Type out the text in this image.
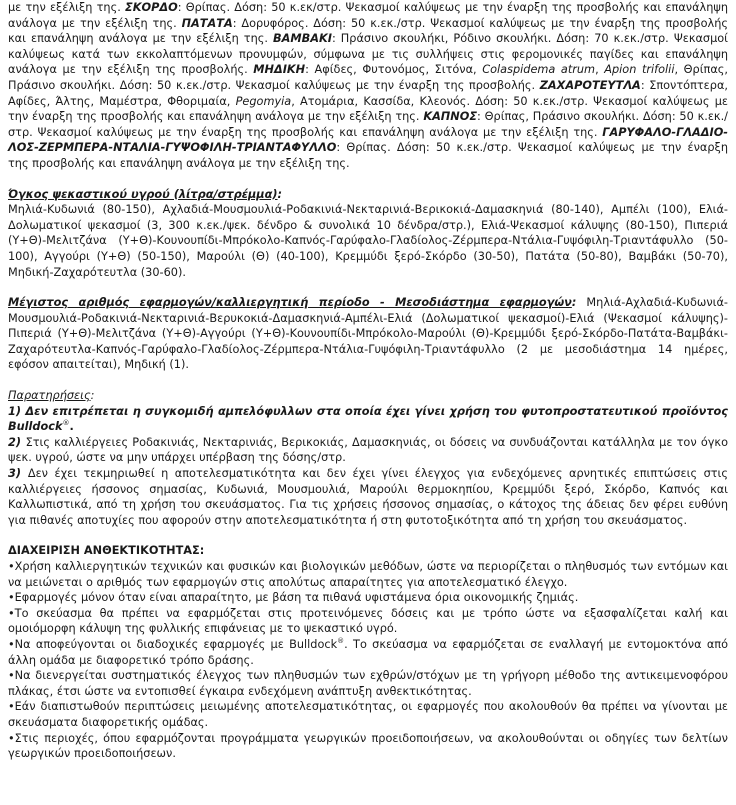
με την εξέλιξη της. ΣΚΟΡΔΟ: Θρίπας. Δόση: 50 κ.εκ/στρ. Ψεκασμοί καλύψεως με την έναρξη της προσβολής και επανάληψη ανάλογα με την εξέλιξη της. ΠΑΤΑΤΑ: Δορυφόρος. Δόση: 50 κ.εκ./στρ. Ψεκασμοί καλύψεως με την έναρξη της προσβολής και επανάληψη ανάλογα με την εξέλιξη της. ΒΑΜΒΑΚΙ: Πράσινο σκουλήκι, Ρόδινο σκουλήκι. Δόση: 70 κ.εκ./στρ. Ψεκασμοί καλύψεως κατά των εκκολαπτόμενων προνυμφών, σύμφωνα με τις συλλήψεις στις φερομονικές παγίδες και επανάληψη ανάλογα με την εξέλιξη της προσβολής. ΜΗΔΙΚΗ: Αφίδες, Φυτονόμος, Σιτόνα, Colaspidema atrum, Apion trifolii, Θρίπας, Πράσινο σκουλήκι. Δόση: 50 κ.εκ./στρ. Ψεκασμοί καλύψεως με την έναρξη της προσβολής. ΖΑΧΑΡΟΤΕΥΤΛΑ: Σποντόπτερα, Αφίδες, Άλτης, Μαμέστρα, Φθοριμαία, Pegomyia, Ατομάρια, Κασσίδα, Κλεονός. Δόση: 50 κ.εκ./στρ. Ψεκασμοί καλύψεως με την έναρξη της προσβολής και επανάληψη ανάλογα με την εξέλιξη της. ΚΑΠΝΟΣ: Θρίπας, Πράσινο σκουλήκι. Δόση: 50 κ.εκ./στρ. Ψεκασμοί καλύψεως με την έναρξη της προσβολής και επανάληψη ανάλογα με την εξέλιξη της. ΓΑΡΥΦΑΛΟ-ΓΛΑΔΙΟ-ΛΟΣ-ΖΕΡΜΠΕΡΑ-ΝΤΑΛΙΑ-ΓΥΨΟΦΙΛΗ-ΤΡΙΑΝΤΑΦΥΛΛΟ: Θρίπας. Δόση: 50 κ.εκ./στρ. Ψεκασμοί καλύψεως με την έναρξη της προσβολής και επανάληψη ανάλογα με την εξέλιξη της.

Όγκος ψεκαστικού υγρού (λίτρα/στρέμμα):
Μηλιά-Κυδωνιά (80-150), Αχλαδιά-Μουσμουλιά-Ροδακινιά-Νεκταρινιά-Βερικοκιά-Δαμασκηνιά (80-140), Αμπέλι (100), Ελιά-Δολωματικοί ψεκασμοί (3, 300 κ.εκ./ψεκ. δένδρο & συνολικά 10 δένδρα/στρ.), Ελιά-Ψεκασμοί κάλυψης (80-150), Πιπεριά (Υ+Θ)-Μελιτζάνα (Υ+Θ)-Κουνουπίδι-Μπρόκολο-Καπνός-Γαρύφαλο-Γλαδίολος-Ζέρμπερα-Ντάλια-Γυψόφιλη-Τριαντάφυλλο (50-100), Αγγούρι (Υ+Θ) (50-150), Μαρούλι (Θ) (40-100), Κρεμμύδι ξερό-Σκόρδο (30-50), Πατάτα (50-80), Βαμβάκι (50-70), Μηδική-Ζαχαρότευτλα (30-60).

Μέγιστος αριθμός εφαρμογών/καλλιεργητική περίοδο - Μεσοδιάστημα εφαρμογών: Μηλιά-Αχλαδιά-Κυδωνιά-Μουσμουλιά-Ροδακινιά-Νεκταρινιά-Βερυκοκιά-Δαμασκηνιά-Αμπέλι-Ελιά (Δολωματικοί ψεκασμοί)-Ελιά (Ψεκασμοί κάλυψης)-Πιπεριά (Υ+Θ)-Μελιτζάνα (Υ+Θ)-Αγγούρι (Υ+Θ)-Κουνουπίδι-Μπρόκολο-Μαρούλι (Θ)-Κρεμμύδι ξερό-Σκόρδο-Πατάτα-Βαμβάκι-Ζαχαρότευτλα-Καπνός-Γαρύφαλο-Γλαδίολος-Ζέρμπερα-Ντάλια-Γυψόφιλη-Τριαντάφυλλο (2 με μεσοδιάστημα 14 ημέρες, εφόσον απαιτείται), Μηδική (1).

Παρατηρήσεις:

1) Δεν επιτρέπεται η συγκομιδή αμπελόφυλλων στα οποία έχει γίνει χρήση του φυτοπροστατευτικού προϊόντος Bulldock®.

2) Στις καλλιέργειες Ροδακινιάς, Νεκταρινιάς, Βερικοκιάς, Δαμασκηνιάς, οι δόσεις να συνδυάζονται κατάλληλα με τον όγκο ψεκ. υγρού, ώστε να μην υπάρχει υπέρβαση της δόσης/στρ.

3) Δεν έχει τεκμηριωθεί η αποτελεσματικότητα και δεν έχει γίνει έλεγχος για ενδεχόμενες αρνητικές επιπτώσεις στις καλλιέργειες ήσσονος σημασίας, Κυδωνιά, Μουσμουλιά, Μαρούλι θερμοκηπίου, Κρεμμύδι ξερό, Σκόρδο, Καπνός και Καλλωπιστικά, από τη χρήση του σκευάσματος. Για τις χρήσεις ήσσονος σημασίας, ο κάτοχος της άδειας δεν φέρει ευθύνη για πιθανές αποτυχίες που αφορούν στην αποτελεσματικότητα ή στη φυτοτοξικότητα από τη χρήση του σκευάσματος.

ΔΙΑΧΕΙΡΙΣΗ ΑΝΘΕΚΤΙΚΟΤΗΤΑΣ:
•Χρήση καλλιεργητικών τεχνικών και φυσικών και βιολογικών μεθόδων, ώστε να περιορίζεται ο πληθυσμός των εντόμων και να μειώνεται ο αριθμός των εφαρμογών στις απολύτως απαραίτητες για αποτελεσματικό έλεγχο.
•Εφαρμογές μόνον όταν είναι απαραίτητο, με βάση τα πιθανά υφιστάμενα όρια οικονομικής ζημιάς.
•Το σκεύασμα θα πρέπει να εφαρμόζεται στις προτεινόμενες δόσεις και με τρόπο ώστε να εξασφαλίζεται καλή και ομοιόμορφη κάλυψη της φυλλικής επιφάνειας με το ψεκαστικό υγρό.
•Να αποφεύγονται οι διαδοχικές εφαρμογές με Bulldock®. Το σκεύασμα να εφαρμόζεται σε εναλλαγή με εντομοκτόνα από άλλη ομάδα με διαφορετικό τρόπο δράσης.
•Να διενεργείται συστηματικός έλεγχος των πληθυσμών των εχθρών/στόχων με τη γρήγορη μέθοδο της αντικειμενοφόρου πλάκας, έτσι ώστε να εντοπισθεί έγκαιρα ενδεχόμενη ανάπτυξη ανθεκτικότητας.
•Εάν διαπιστωθούν περιπτώσεις μειωμένης αποτελεσματικότητας, οι εφαρμογές που ακολουθούν θα πρέπει να γίνονται με σκευάσματα διαφορετικής ομάδας.
•Στις περιοχές, όπου εφαρμόζονται προγράμματα γεωργικών προειδοποιήσεων, να ακολουθούνται οι οδηγίες των δελτίων γεωργικών προειδοποιήσεων.
